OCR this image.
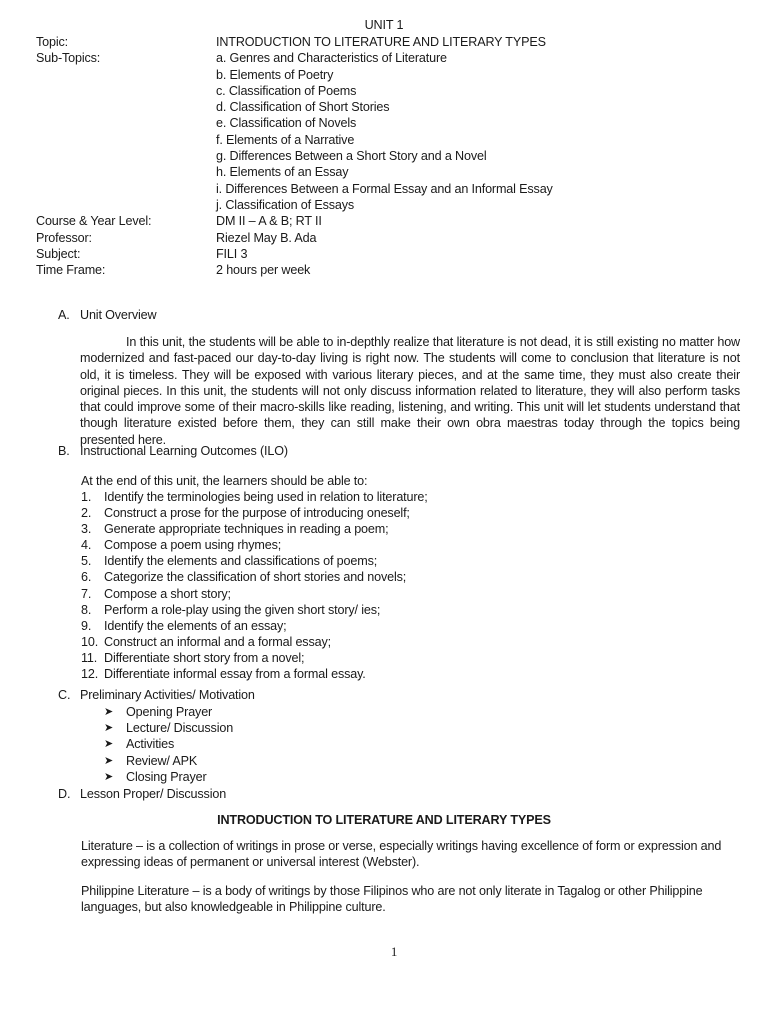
UNIT 1
Topic:	INTRODUCTION TO LITERATURE AND LITERARY TYPES
Sub-Topics:	a. Genres and Characteristics of Literature
b. Elements of Poetry
c. Classification of Poems
d. Classification of Short Stories
e. Classification of Novels
f. Elements of a Narrative
g. Differences Between a Short Story and a Novel
h. Elements of an Essay
i. Differences Between a Formal Essay and an Informal Essay
j. Classification of Essays
Course & Year Level:	DM II – A & B; RT II
Professor:	Riezel May B. Ada
Subject:	FILI 3
Time Frame:	2 hours per week
A. Unit Overview

In this unit, the students will be able to in-depthly realize that literature is not dead, it is still existing no matter how modernized and fast-paced our day-to-day living is right now. The students will come to conclusion that literature is not old, it is timeless. They will be exposed with various literary pieces, and at the same time, they must also create their original pieces. In this unit, the students will not only discuss information related to literature, they will also perform tasks that could improve some of their macro-skills like reading, listening, and writing. This unit will let students understand that though literature existed before them, they can still make their own obra maestras today through the topics being presented here.

B. Instructional Learning Outcomes (ILO)
At the end of this unit, the learners should be able to:
1.	Identify the terminologies being used in relation to literature;
2.	Construct a prose for the purpose of introducing oneself;
3.	Generate appropriate techniques in reading a poem;
4.	Compose a poem using rhymes;
5.	Identify the elements and classifications of poems;
6.	Categorize the classification of short stories and novels;
7.	Compose a short story;
8.	Perform a role-play using the given short story/ ies;
9.	Identify the elements of an essay;
10. Construct an informal and a formal essay;
11. Differentiate short story from a novel;
12. Differentiate informal essay from a formal essay.
C. Preliminary Activities/ Motivation
➤	Opening Prayer
➤	Lecture/ Discussion
➤	Activities
➤	Review/ APK
➤	Closing Prayer
D. Lesson Proper/ Discussion
INTRODUCTION TO LITERATURE AND LITERARY TYPES

Literature – is a collection of writings in prose or verse, especially writings having excellence of form or expression and expressing ideas of permanent or universal interest (Webster).

Philippine Literature – is a body of writings by those Filipinos who are not only literate in Tagalog or other Philippine languages, but also knowledgeable in Philippine culture.

1
